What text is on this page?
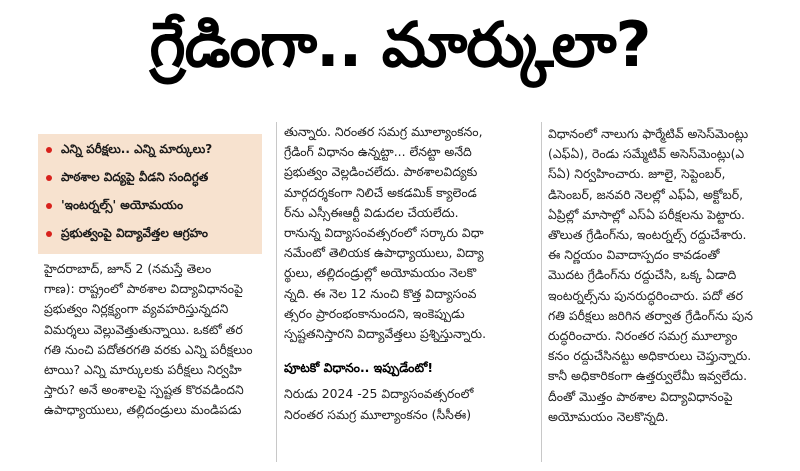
గ్రేడింగా.. మార్కులా?
ఎన్ని పరీక్షలు.. ఎన్ని మార్కులు?
పాఠశాల విద్యపై వీడని సందిగ్ధత
'ఇంటర్నల్స్' అయోమయం
ప్రభుత్వంపై విద్యావేత్తల ఆగ్రహం
హైదరాబాద్, జూన్ 2 (నమస్తే తెలం
గాణ): రాష్ట్రంలో పాఠశాల విద్యావిధానంపై
ప్రభుత్వం నిర్లక్ష్యంగా వ్యవహరిస్తున్నదని
విమర్శలు వెల్లువెత్తుతున్నాయి. ఒకటో తర
గతి నుంచి పదోతరగతి వరకు ఎన్ని పరీక్షలుం
టాయి? ఎన్ని మార్కులకు పరీక్షలు నిర్వహి
స్తారు? అనే అంశాలపై స్పష్టత కొరవడిందని
ఉపాధ్యాయులు, తల్లిదండ్రులు మండిపడు
తున్నారు. నిరంతర సమగ్ర మూల్యాంకనం,
గ్రేడింగ్ విధానం ఉన్నట్టా... లేనట్టా అనేది
ప్రభుత్వం వెల్లడించలేదు. పాఠశాలవిద్యకు
మార్గదర్శకంగా నిలిచే అకడమిక్ క్యాలెండ
ర్‌ను ఎస్సీఈఆర్టీ విడుదల చేయలేదు.
రానున్న విద్యాసంవత్సరంలో సర్కారు విధా
నమేంటో తెలియక ఉపాధ్యాయులు, విద్యా
ర్థులు, తల్లిదండ్రుల్లో అయోమయం నెలకొ
న్నది. ఈ నెల 12 నుంచి కొత్త విద్యాసంవ
త్సరం ప్రారంభంకానుందని, ఇంకెప్పుడు
స్పష్టతనిస్తారని విద్యావేత్తలు ప్రశ్నిస్తున్నారు.
పూటకో విధానం.. ఇప్పుడేంటో!
నిరుడు 2024 -25 విద్యాసంవత్సరంలో
నిరంతర సమగ్ర మూల్యాంకనం (సీసీఈ)
విధానంలో నాలుగు ఫార్మేటివ్ అసెస్‌మెంట్లు
(ఎఫ్ఏ), రెండు సమ్మేటివ్ అసెస్‌మెంట్లు(ఎ
స్ఏ) నిర్వహించారు. జూలై, సెప్టెంబర్,
డిసెంబర్, జనవరి నెలల్లో ఎఫ్ఏ, అక్టోబర్,
ఏప్రిల్లో మాసాల్లో ఎస్ఏ పరీక్షలను పెట్టారు.
తొలుత గ్రేడింగ్‌ను, ఇంటర్నల్స్ రద్దుచేశారు.
ఈ నిర్ణయం వివాదాస్పదం కావడంతో
మొదట గ్రేడింగ్‌ను రద్దుచేసి, ఒక్క ఏడాది
ఇంటర్నల్స్‌ను పునరుద్ధరించారు. పదో తర
గతి పరీక్షలు జరిగిన తర్వాత గ్రేడింగ్‌ను పున
రుద్ధరించారు. నిరంతర సమగ్ర మూల్యాం
కనం రద్దుచేసినట్టు అధికారులు చెప్తున్నారు.
కానీ అధికారికంగా ఉత్తర్వులేమీ ఇవ్వలేదు.
దీంతో మొత్తం పాఠశాల విద్యావిధానంపై
అయోమయం నెలకొన్నది.
